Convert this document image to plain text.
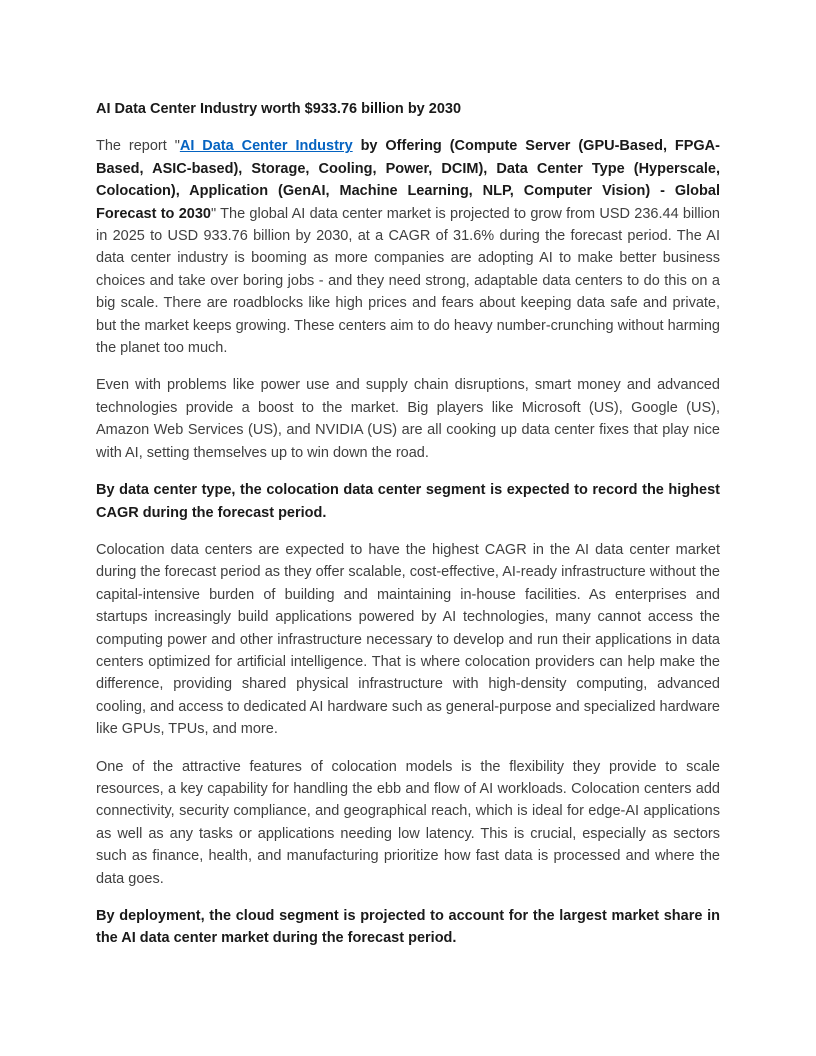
AI Data Center Industry worth $933.76 billion by 2030

The report "AI Data Center Industry by Offering (Compute Server (GPU-Based, FPGA-Based, ASIC-based), Storage, Cooling, Power, DCIM), Data Center Type (Hyperscale, Colocation), Application (GenAI, Machine Learning, NLP, Computer Vision) - Global Forecast to 2030" The global AI data center market is projected to grow from USD 236.44 billion in 2025 to USD 933.76 billion by 2030, at a CAGR of 31.6% during the forecast period. The AI data center industry is booming as more companies are adopting AI to make better business choices and take over boring jobs - and they need strong, adaptable data centers to do this on a big scale. There are roadblocks like high prices and fears about keeping data safe and private, but the market keeps growing. These centers aim to do heavy number-crunching without harming the planet too much.

Even with problems like power use and supply chain disruptions, smart money and advanced technologies provide a boost to the market. Big players like Microsoft (US), Google (US), Amazon Web Services (US), and NVIDIA (US) are all cooking up data center fixes that play nice with AI, setting themselves up to win down the road.

By data center type, the colocation data center segment is expected to record the highest CAGR during the forecast period.

Colocation data centers are expected to have the highest CAGR in the AI data center market during the forecast period as they offer scalable, cost-effective, AI-ready infrastructure without the capital-intensive burden of building and maintaining in-house facilities. As enterprises and startups increasingly build applications powered by AI technologies, many cannot access the computing power and other infrastructure necessary to develop and run their applications in data centers optimized for artificial intelligence. That is where colocation providers can help make the difference, providing shared physical infrastructure with high-density computing, advanced cooling, and access to dedicated AI hardware such as general-purpose and specialized hardware like GPUs, TPUs, and more.

One of the attractive features of colocation models is the flexibility they provide to scale resources, a key capability for handling the ebb and flow of AI workloads. Colocation centers add connectivity, security compliance, and geographical reach, which is ideal for edge-AI applications as well as any tasks or applications needing low latency. This is crucial, especially as sectors such as finance, health, and manufacturing prioritize how fast data is processed and where the data goes.

By deployment, the cloud segment is projected to account for the largest market share in the AI data center market during the forecast period.
